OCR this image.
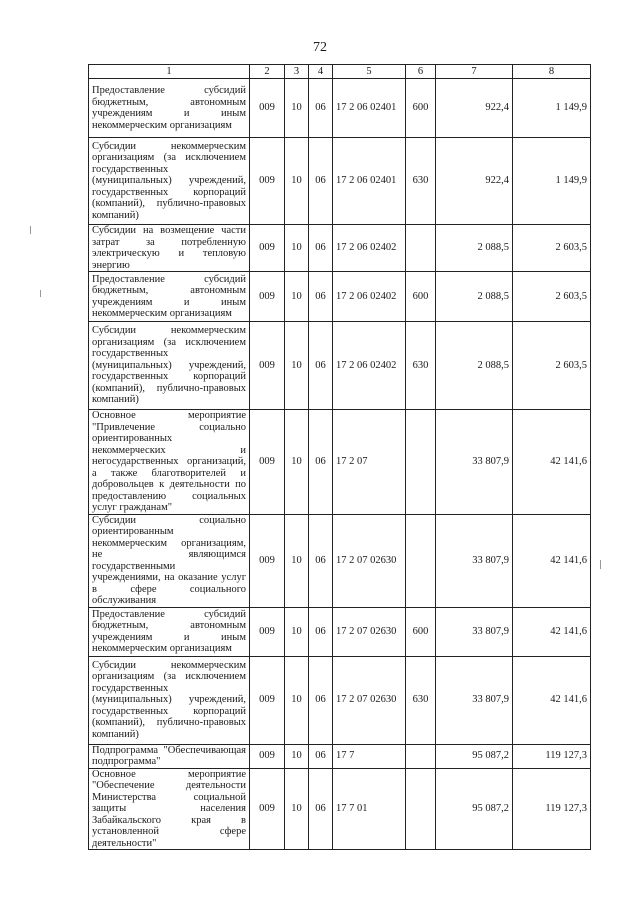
72
1	2	3	4	5	6	7	8
Предоставление субсидий бюджетным, автономным учреждениям и иным некоммерческим организациям	009	10	06	17 2 06 02401	600	922,4	1 149,9
Субсидии некоммерческим организациям (за исключением государственных (муниципальных) учреждений, государственных корпораций (компаний), публично-правовых компаний)	009	10	06	17 2 06 02401	630	922,4	1 149,9
Субсидии на возмещение части затрат за потребленную электрическую и тепловую энергию	009	10	06	17 2 06 02402		2 088,5	2 603,5
Предоставление субсидий бюджетным, автономным учреждениям и иным некоммерческим организациям	009	10	06	17 2 06 02402	600	2 088,5	2 603,5
Субсидии некоммерческим организациям (за исключением государственных (муниципальных) учреждений, государственных корпораций (компаний), публично-правовых компаний)	009	10	06	17 2 06 02402	630	2 088,5	2 603,5
Основное мероприятие "Привлечение социально ориентированных некоммерческих и негосударственных организаций, а также благотворителей и добровольцев к деятельности по предоставлению социальных услуг гражданам"	009	10	06	17 2 07		33 807,9	42 141,6
Субсидии социально ориентированным некоммерческим организациям, не являющимся государственными учреждениями, на оказание услуг в сфере социального обслуживания	009	10	06	17 2 07 02630		33 807,9	42 141,6
Предоставление субсидий бюджетным, автономным учреждениям и иным некоммерческим организациям	009	10	06	17 2 07 02630	600	33 807,9	42 141,6
Субсидии некоммерческим организациям (за исключением государственных (муниципальных) учреждений, государственных корпораций (компаний), публично-правовых компаний)	009	10	06	17 2 07 02630	630	33 807,9	42 141,6
Подпрограмма "Обеспечивающая подпрограмма"	009	10	06	17 7		95 087,2	119 127,3
Основное мероприятие "Обеспечение деятельности Министерства социальной защиты населения Забайкальского края в установленной сфере деятельности"	009	10	06	17 7 01		95 087,2	119 127,3
